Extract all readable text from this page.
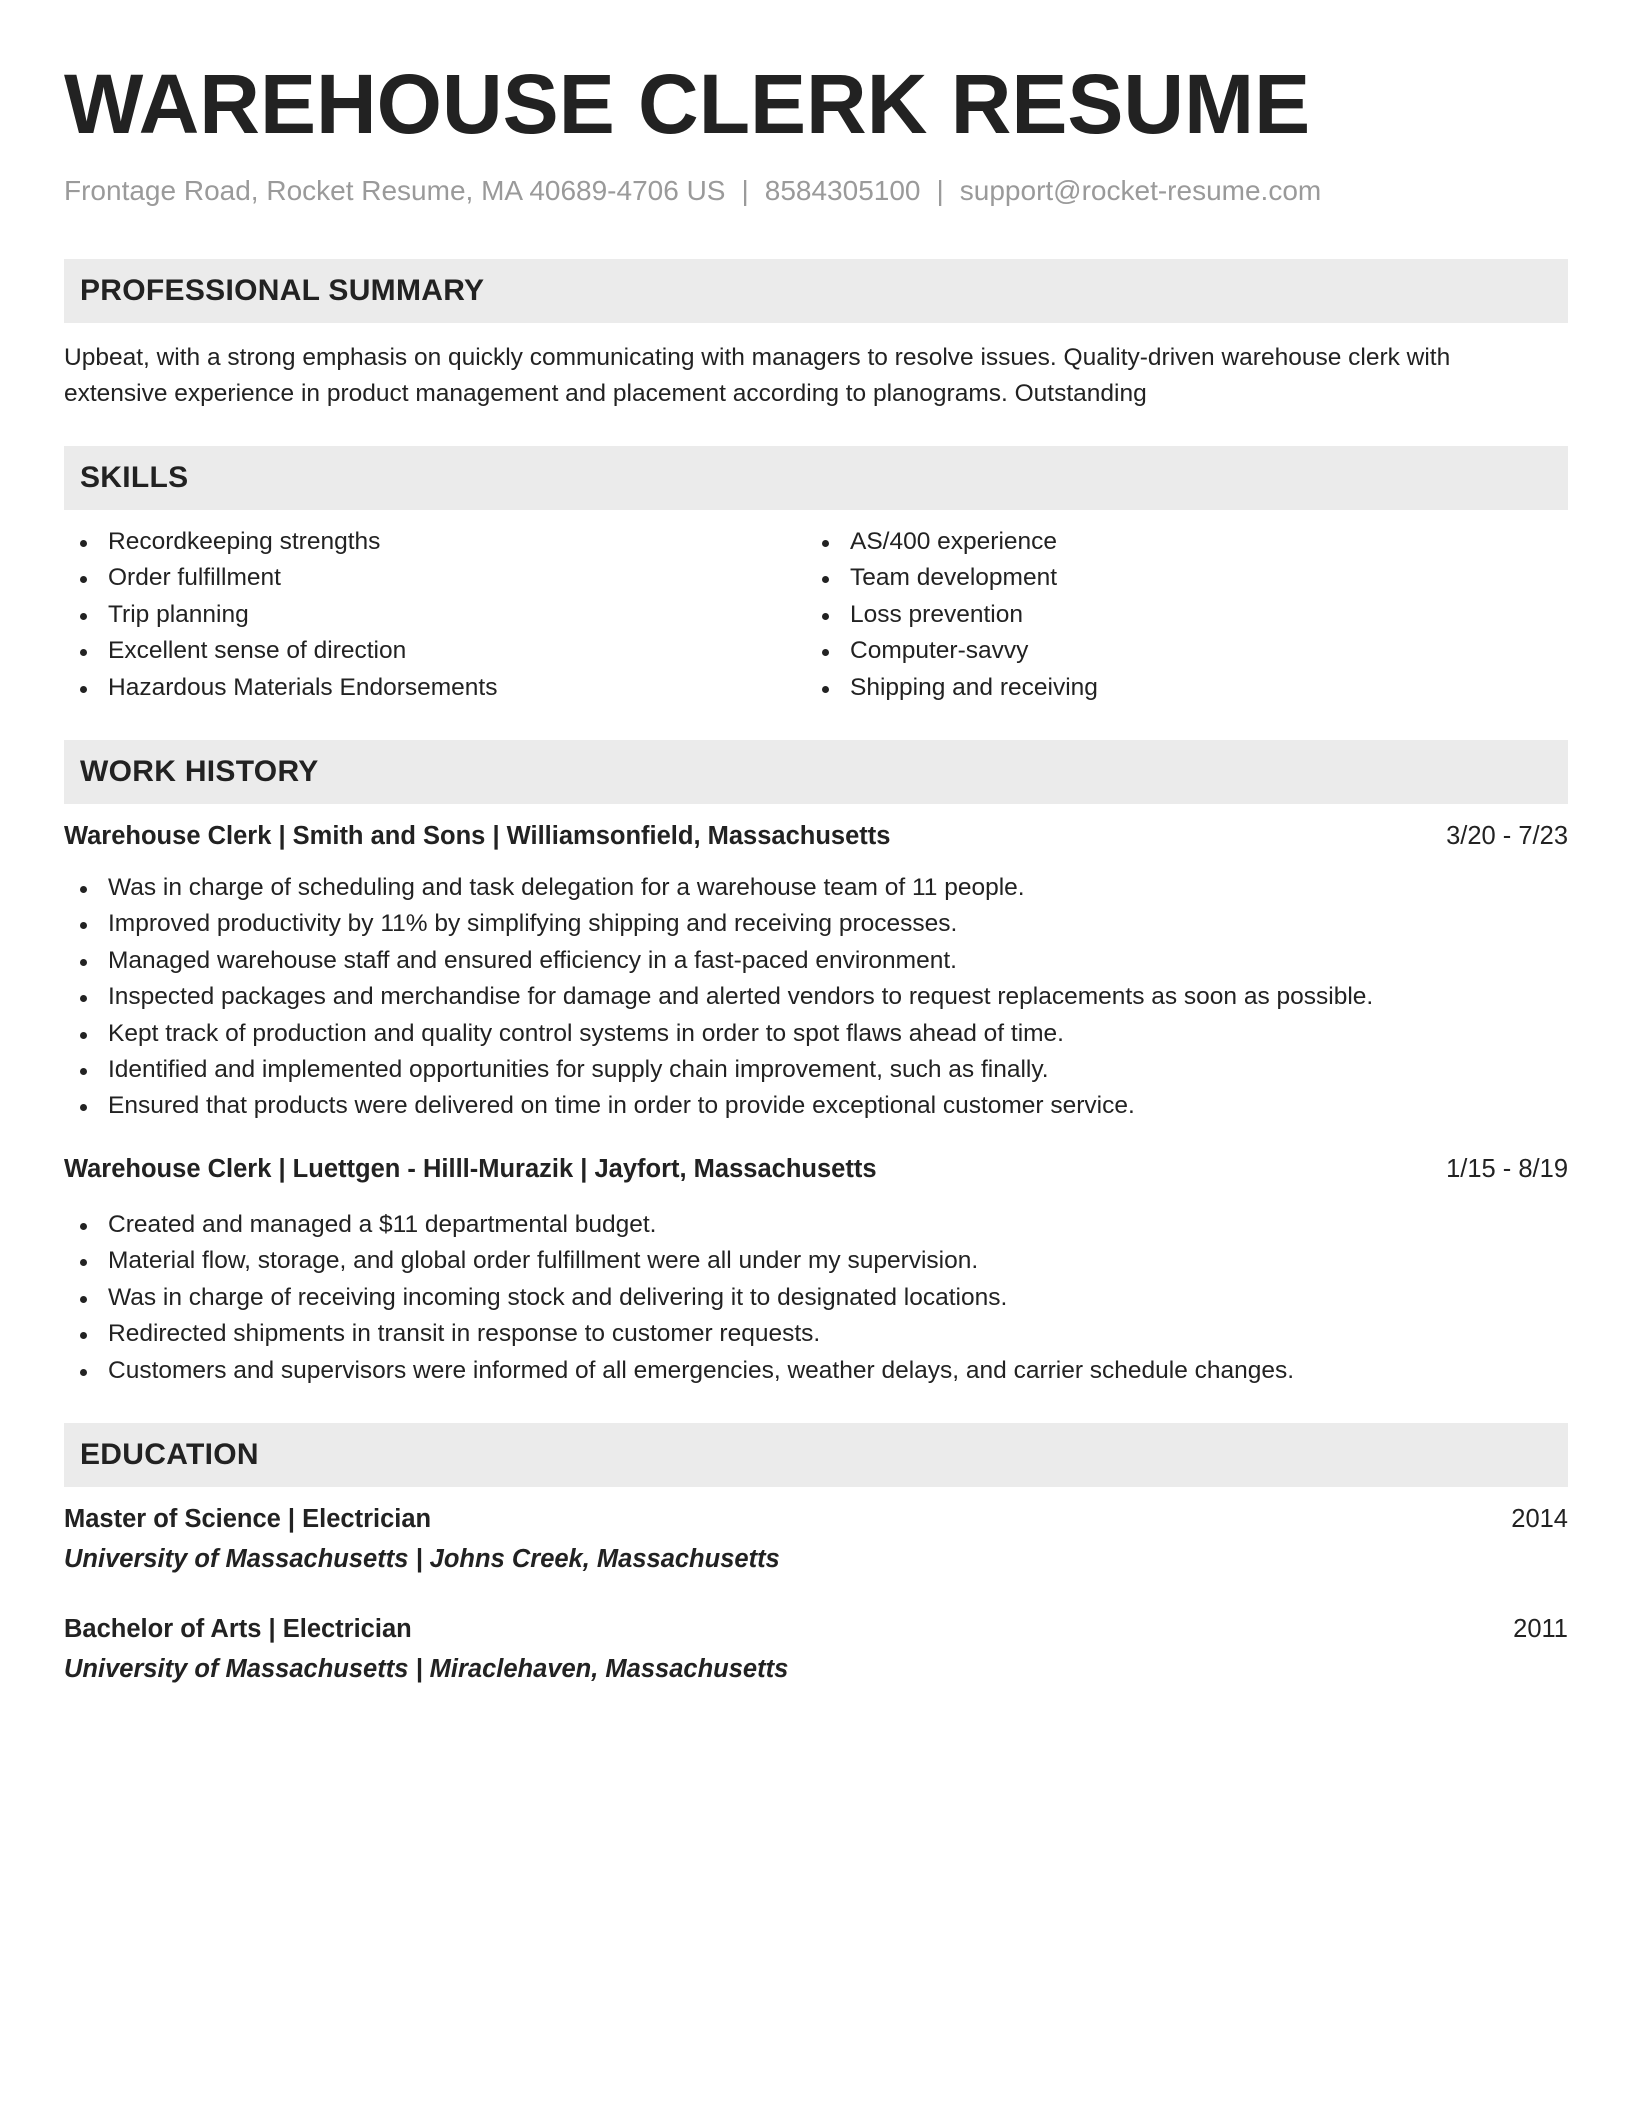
WAREHOUSE CLERK RESUME
Frontage Road, Rocket Resume, MA 40689-4706 US | 8584305100 | support@rocket-resume.com
PROFESSIONAL SUMMARY
Upbeat, with a strong emphasis on quickly communicating with managers to resolve issues. Quality-driven warehouse clerk with
extensive experience in product management and placement according to planograms. Outstanding
SKILLS
Recordkeeping strengths
Order fulfillment
Trip planning
Excellent sense of direction
Hazardous Materials Endorsements
AS/400 experience
Team development
Loss prevention
Computer-savvy
Shipping and receiving
WORK HISTORY
Warehouse Clerk | Smith and Sons | Williamsonfield, Massachusetts	3/20 - 7/23
Was in charge of scheduling and task delegation for a warehouse team of 11 people.
Improved productivity by 11% by simplifying shipping and receiving processes.
Managed warehouse staff and ensured efficiency in a fast-paced environment.
Inspected packages and merchandise for damage and alerted vendors to request replacements as soon as possible.
Kept track of production and quality control systems in order to spot flaws ahead of time.
Identified and implemented opportunities for supply chain improvement, such as finally.
Ensured that products were delivered on time in order to provide exceptional customer service.
Warehouse Clerk | Luettgen - Hilll-Murazik | Jayfort, Massachusetts	1/15 - 8/19
Created and managed a $11 departmental budget.
Material flow, storage, and global order fulfillment were all under my supervision.
Was in charge of receiving incoming stock and delivering it to designated locations.
Redirected shipments in transit in response to customer requests.
Customers and supervisors were informed of all emergencies, weather delays, and carrier schedule changes.
EDUCATION
Master of Science | Electrician	2014
University of Massachusetts | Johns Creek, Massachusetts
Bachelor of Arts | Electrician	2011
University of Massachusetts | Miraclehaven, Massachusetts
